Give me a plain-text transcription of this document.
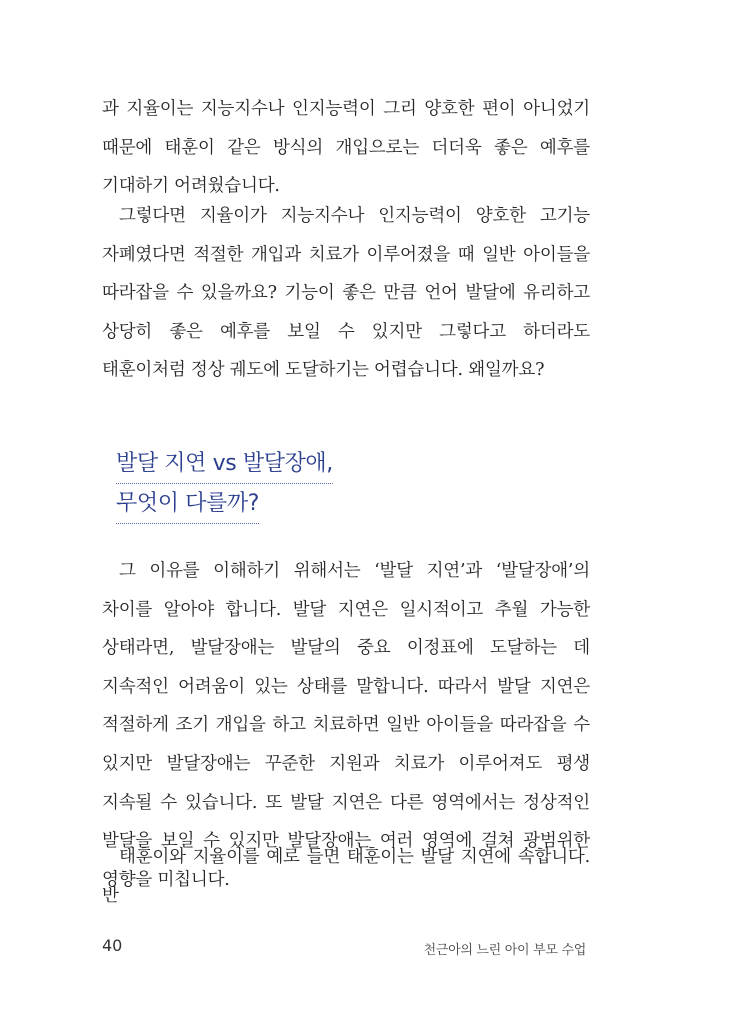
과 지율이는 지능지수나 인지능력이 그리 양호한 편이 아니었기 때문에 태훈이 같은 방식의 개입으로는 더더욱 좋은 예후를 기대하기 어려웠습니다.

그렇다면 지율이가 지능지수나 인지능력이 양호한 고기능 자폐였다면 적절한 개입과 치료가 이루어졌을 때 일반 아이들을 따라잡을 수 있을까요? 기능이 좋은 만큼 언어 발달에 유리하고 상당히 좋은 예후를 보일 수 있지만 그렇다고 하더라도 태훈이처럼 정상 궤도에 도달하기는 어렵습니다. 왜일까요?

발달 지연 vs 발달장애,
무엇이 다를까?

그 이유를 이해하기 위해서는 ‘발달 지연’과 ‘발달장애’의 차이를 알아야 합니다. 발달 지연은 일시적이고 추월 가능한 상태라면, 발달장애는 발달의 중요 이정표에 도달하는 데 지속적인 어려움이 있는 상태를 말합니다. 따라서 발달 지연은 적절하게 조기 개입을 하고 치료하면 일반 아이들을 따라잡을 수 있지만 발달장애는 꾸준한 지원과 치료가 이루어져도 평생 지속될 수 있습니다. 또 발달 지연은 다른 영역에서는 정상적인 발달을 보일 수 있지만 발달장애는 여러 영역에 걸쳐 광범위한 영향을 미칩니다.

태훈이와 지율이를 예로 들면 태훈이는 발달 지연에 속합니다. 반

40	천근아의 느린 아이 부모 수업
